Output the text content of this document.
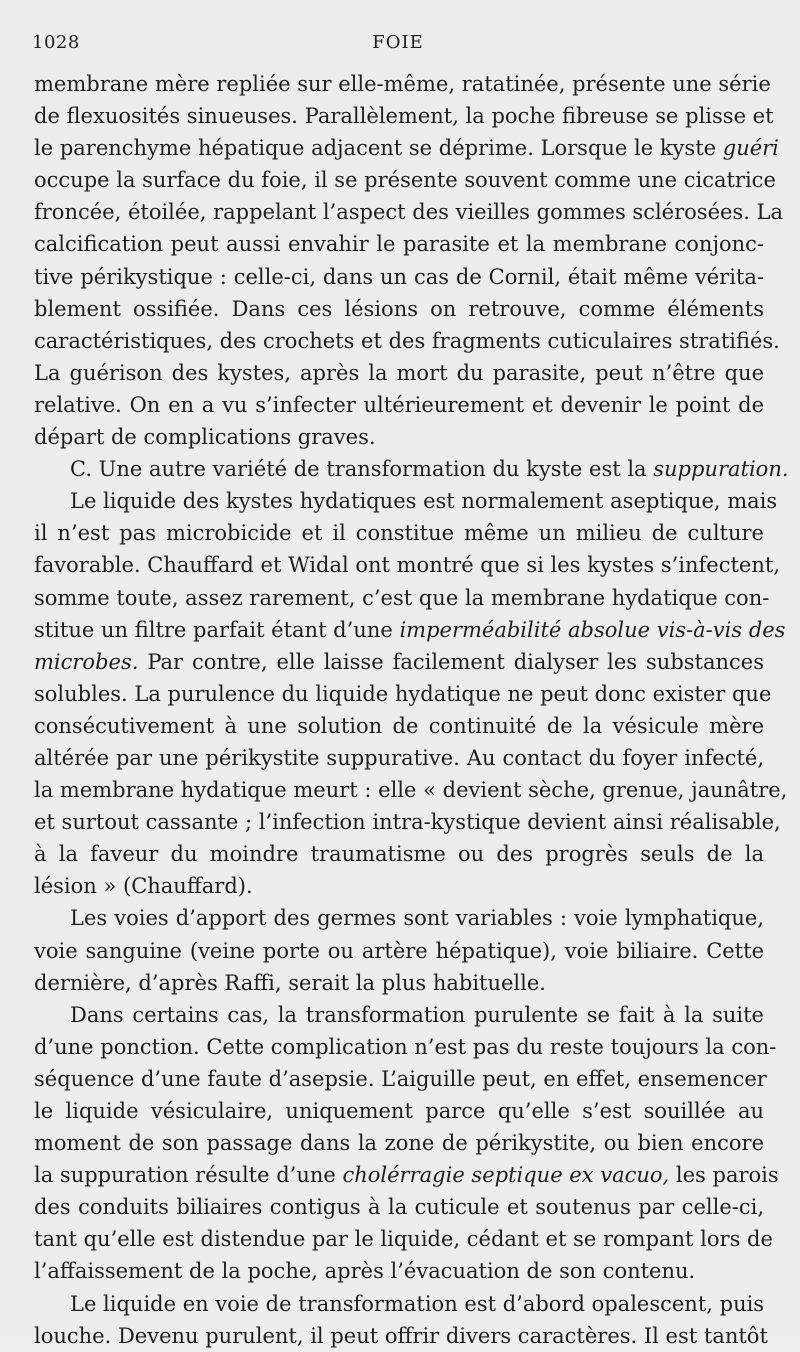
1028	FOIE
membrane mère repliée sur elle-même, ratatinée, présente une série
de flexuosités sinueuses. Parallèlement, la poche fibreuse se plisse et
le parenchyme hépatique adjacent se déprime. Lorsque le kyste guéri
occupe la surface du foie, il se présente souvent comme une cicatrice
froncée, étoilée, rappelant l’aspect des vieilles gommes sclérosées. La
calcification peut aussi envahir le parasite et la membrane conjonc-
tive périkystique : celle-ci, dans un cas de Cornil, était même vérita-
blement ossifiée. Dans ces lésions on retrouve, comme éléments
caractéristiques, des crochets et des fragments cuticulaires stratifiés.
La guérison des kystes, après la mort du parasite, peut n’être que
relative. On en a vu s’infecter ultérieurement et devenir le point de
départ de complications graves.
C. Une autre variété de transformation du kyste est la suppuration.
Le liquide des kystes hydatiques est normalement aseptique, mais
il n’est pas microbicide et il constitue même un milieu de culture
favorable. Chauffard et Widal ont montré que si les kystes s’infectent,
somme toute, assez rarement, c’est que la membrane hydatique con-
stitue un filtre parfait étant d’une imperméabilité absolue vis-à-vis des
microbes. Par contre, elle laisse facilement dialyser les substances
solubles. La purulence du liquide hydatique ne peut donc exister que
consécutivement à une solution de continuité de la vésicule mère
altérée par une périkystite suppurative. Au contact du foyer infecté,
la membrane hydatique meurt : elle « devient sèche, grenue, jaunâtre,
et surtout cassante ; l’infection intra-kystique devient ainsi réalisable,
à la faveur du moindre traumatisme ou des progrès seuls de la
lésion » (Chauffard).
Les voies d’apport des germes sont variables : voie lymphatique,
voie sanguine (veine porte ou artère hépatique), voie biliaire. Cette
dernière, d’après Raffi, serait la plus habituelle.
Dans certains cas, la transformation purulente se fait à la suite
d’une ponction. Cette complication n’est pas du reste toujours la con-
séquence d’une faute d’asepsie. L’aiguille peut, en effet, ensemencer
le liquide vésiculaire, uniquement parce qu’elle s’est souillée au
moment de son passage dans la zone de périkystite, ou bien encore
la suppuration résulte d’une cholérragie septique ex vacuo, les parois
des conduits biliaires contigus à la cuticule et soutenus par celle-ci,
tant qu’elle est distendue par le liquide, cédant et se rompant lors de
l’affaissement de la poche, après l’évacuation de son contenu.
Le liquide en voie de transformation est d’abord opalescent, puis
louche. Devenu purulent, il peut offrir divers caractères. Il est tantôt
